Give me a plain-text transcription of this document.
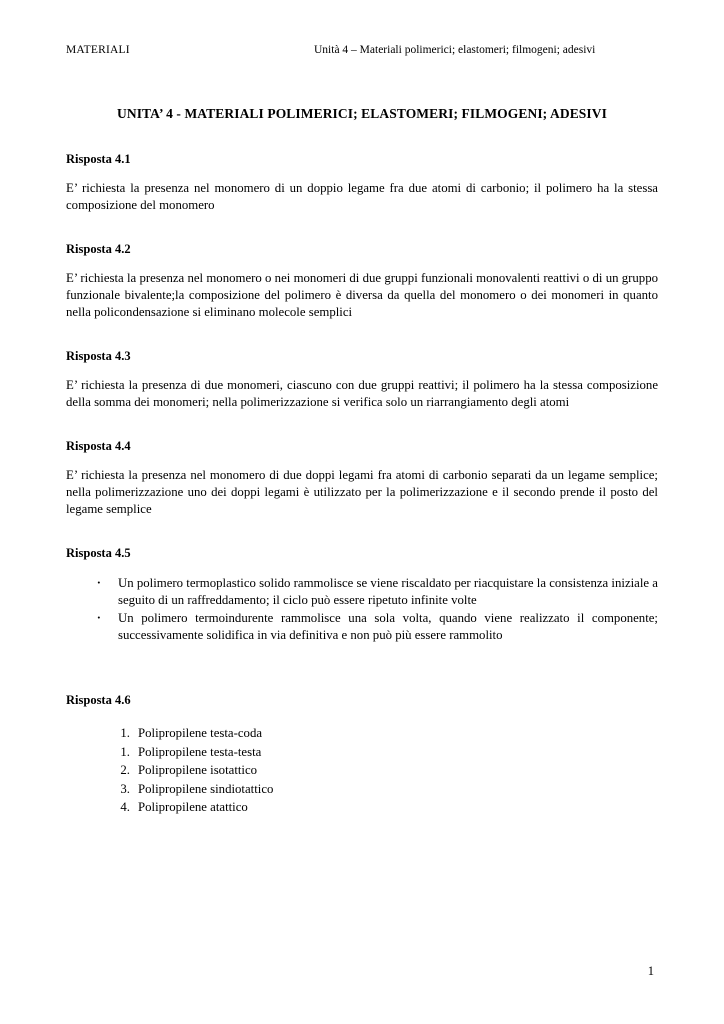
MATERIALI	Unità 4 – Materiali polimerici; elastomeri; filmogeni; adesivi
UNITA’ 4 - MATERIALI POLIMERICI; ELASTOMERI; FILMOGENI; ADESIVI
Risposta 4.1
E’ richiesta la presenza nel monomero di un doppio legame fra due atomi di carbonio; il polimero ha la stessa composizione del monomero
Risposta 4.2
E’ richiesta la presenza nel monomero o nei monomeri di due gruppi funzionali monovalenti reattivi o di un gruppo funzionale bivalente;la composizione del polimero è diversa da quella del monomero o dei monomeri in quanto nella policondensazione si eliminano molecole semplici
Risposta 4.3
E’ richiesta la presenza di due monomeri, ciascuno con due gruppi reattivi; il polimero ha la stessa composizione della somma dei monomeri; nella polimerizzazione si verifica solo un riarrangiamento degli atomi
Risposta 4.4
E’ richiesta la presenza nel monomero di due doppi legami fra atomi di carbonio separati da un legame semplice; nella polimerizzazione uno dei doppi legami è utilizzato per la polimerizzazione e il secondo prende il posto del legame semplice
Risposta 4.5
· Un polimero termoplastico solido rammolisce se viene riscaldato per riacquistare la consistenza iniziale a seguito di un raffreddamento; il ciclo può essere ripetuto infinite volte
· Un polimero termoindurente rammolisce una sola volta, quando viene realizzato il componente; successivamente solidifica in via definitiva e non può più essere rammolito
Risposta 4.6
1. Polipropilene testa-coda
1. Polipropilene testa-testa
2. Polipropilene isotattico
3. Polipropilene sindiotattico
4. Polipropilene atattico
1
